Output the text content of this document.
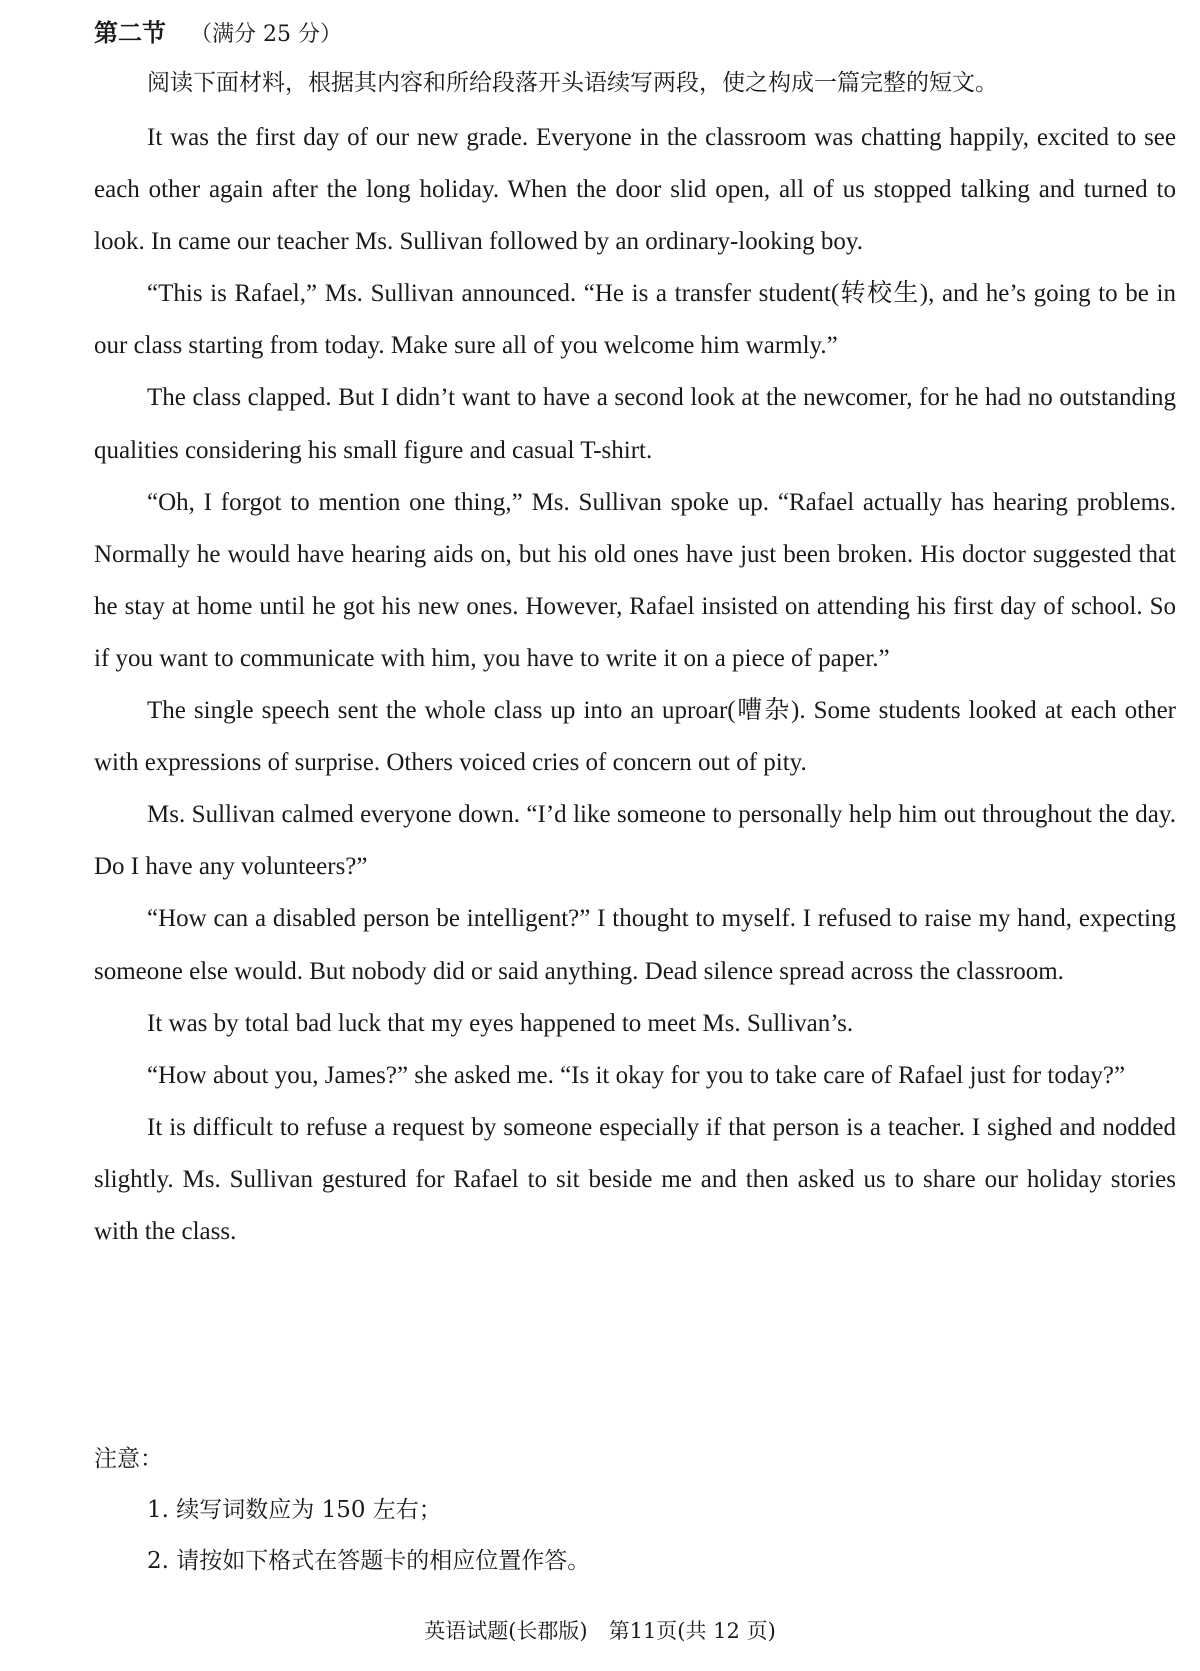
第二节 （满分 25 分）
阅读下面材料，根据其内容和所给段落开头语续写两段，使之构成一篇完整的短文。

It was the first day of our new grade. Everyone in the classroom was chatting happily, excited to see each other again after the long holiday. When the door slid open, all of us stopped talking and turned to look. In came our teacher Ms. Sullivan followed by an ordinary-looking boy.

“This is Rafael,” Ms. Sullivan announced. “He is a transfer student(转校生), and he’s going to be in our class starting from today. Make sure all of you welcome him warmly.”

The class clapped. But I didn’t want to have a second look at the newcomer, for he had no outstanding qualities considering his small figure and casual T-shirt.

“Oh, I forgot to mention one thing,” Ms. Sullivan spoke up. “Rafael actually has hearing problems. Normally he would have hearing aids on, but his old ones have just been broken. His doctor suggested that he stay at home until he got his new ones. However, Rafael insisted on attending his first day of school. So if you want to communicate with him, you have to write it on a piece of paper.”

The single speech sent the whole class up into an uproar(嘈杂). Some students looked at each other with expressions of surprise. Others voiced cries of concern out of pity.

Ms. Sullivan calmed everyone down. “I’d like someone to personally help him out throughout the day. Do I have any volunteers?”

“How can a disabled person be intelligent?” I thought to myself. I refused to raise my hand, expecting someone else would. But nobody did or said anything. Dead silence spread across the classroom.

It was by total bad luck that my eyes happened to meet Ms. Sullivan’s.

“How about you, James?” she asked me. “Is it okay for you to take care of Rafael just for today?”

It is difficult to refuse a request by someone especially if that person is a teacher. I sighed and nodded slightly. Ms. Sullivan gestured for Rafael to sit beside me and then asked us to share our holiday stories with the class.

注意：

1. 续写词数应为 150 左右；

2. 请按如下格式在答题卡的相应位置作答。

英语试题(长郡版)　第11页(共 12 页)
